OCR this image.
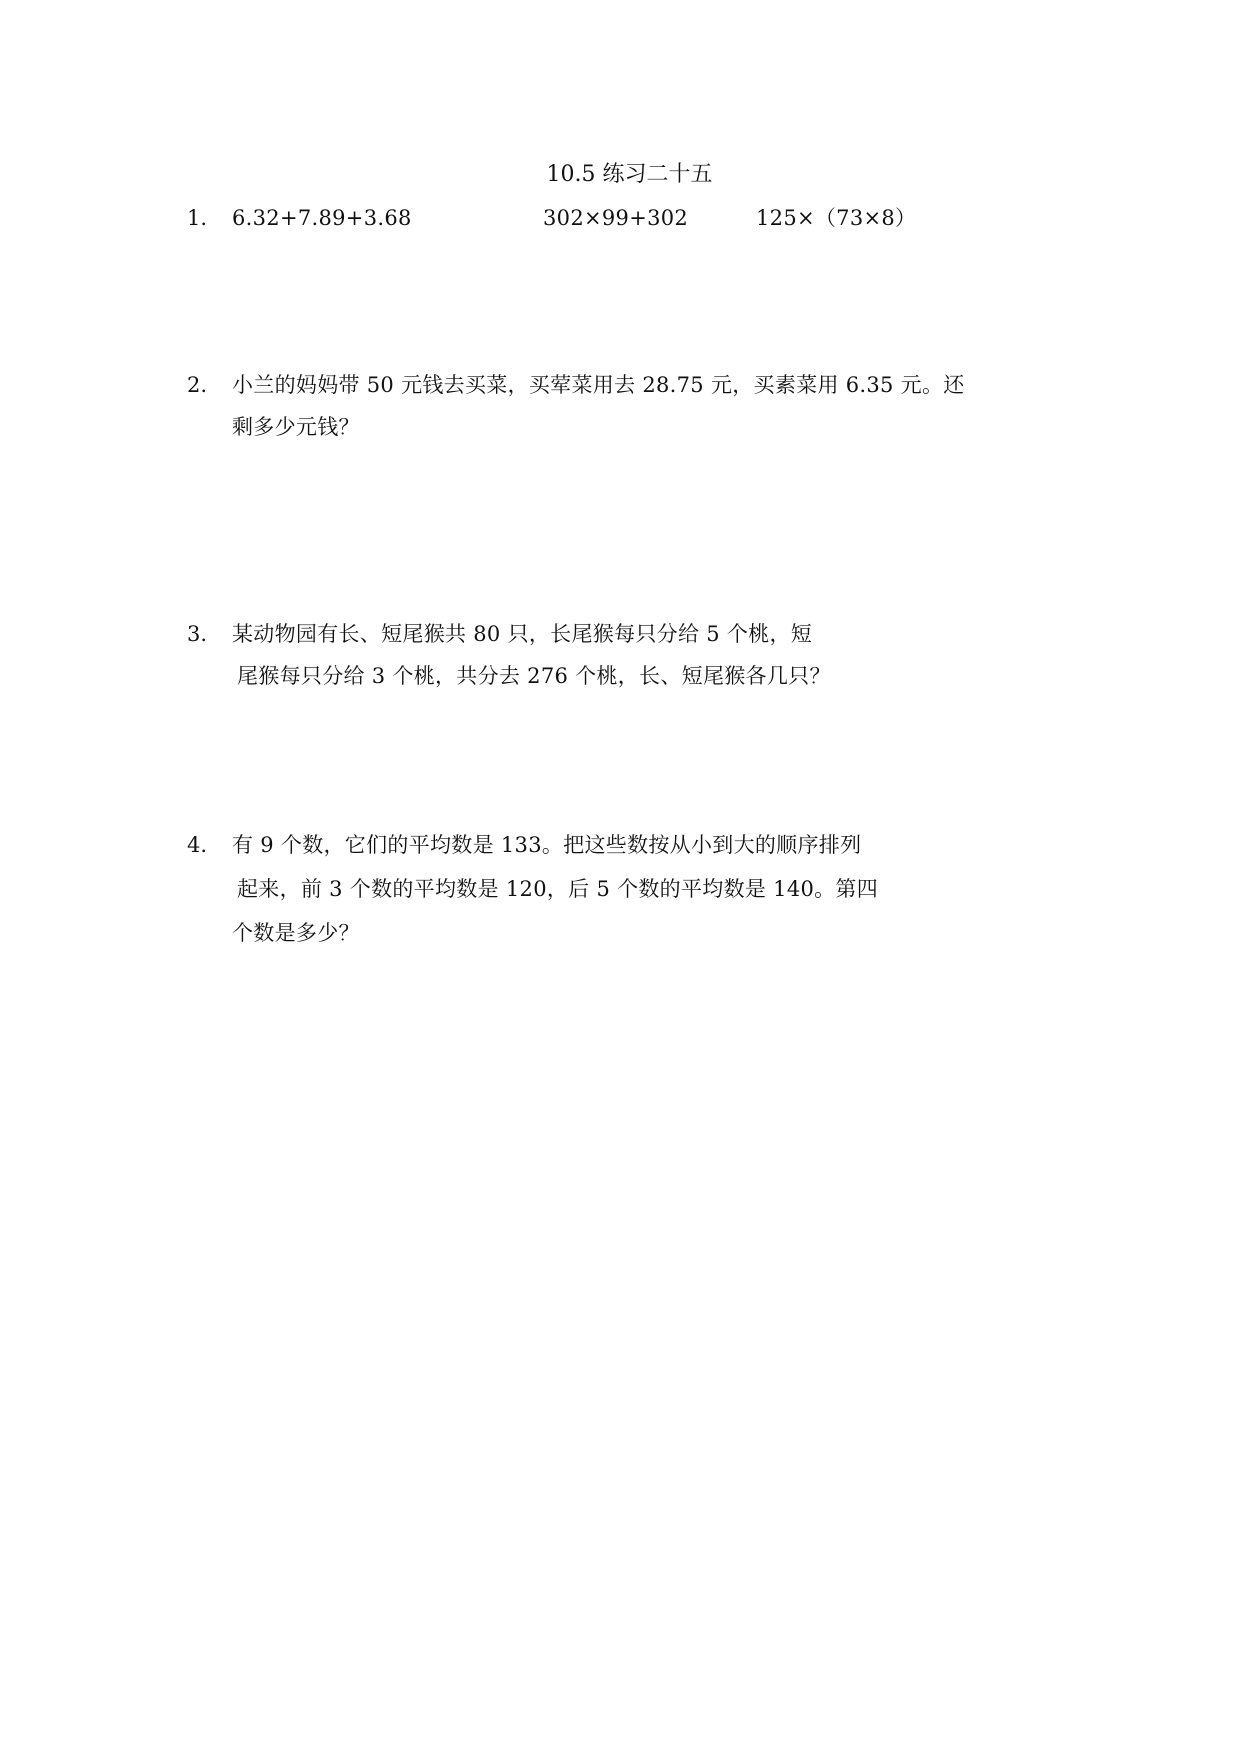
10.5 练习二十五
1. 6.32+7.89+3.68	302×99+302	125×（73×8）
2. 小兰的妈妈带 50 元钱去买菜，买荤菜用去 28.75 元，买素菜用 6.35 元。还
剩多少元钱？
3. 某动物园有长、短尾猴共 80 只，长尾猴每只分给 5 个桃，短
尾猴每只分给 3 个桃，共分去 276 个桃，长、短尾猴各几只？
4. 有 9 个数，它们的平均数是 133。把这些数按从小到大的顺序排列
起来，前 3 个数的平均数是 120，后 5 个数的平均数是 140。第四
个数是多少？
